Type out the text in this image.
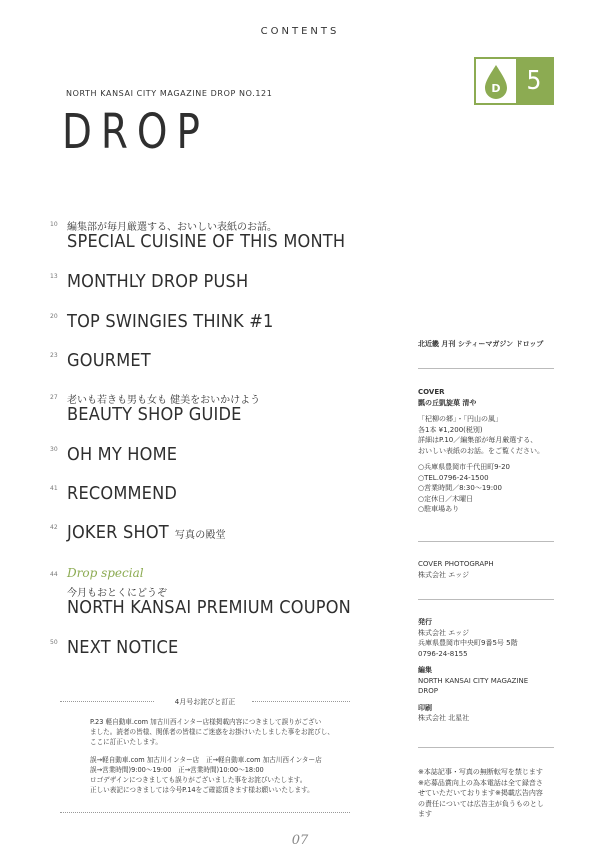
CONTENTS
NORTH KANSAI CITY MAGAZINE DROP NO.121
DROP
D 5
10 編集部が毎月厳選する、おいしい表紙のお話。
SPECIAL CUISINE OF THIS MONTH
13 MONTHLY DROP PUSH
20 TOP SWINGIES THINK #1
23 GOURMET
27 老いも若きも男も女も 健美をおいかけよう
BEAUTY SHOP GUIDE
30 OH MY HOME
41 RECOMMEND
42 JOKER SHOT 写真の殿堂
44 Drop special
今月もおとくにどうぞ
NORTH KANSAI PREMIUM COUPON
50 NEXT NOTICE
4月号お詫びと訂正
P.23 軽自動車.com 加古川西インター店様掲載内容につきまして誤りがござい
ました。読者の皆様、関係者の皆様にご迷惑をお掛けいたしました事をお詫びし、
ここに訂正いたします。
誤→軽自動車.com 加古川インター店　正→軽自動車.com 加古川西インター店
誤→営業時間)9:00〜19:00　正→営業時間)10:00〜18:00
ロゴデザインにつきましても誤りがございました事をお詫びいたします。
正しい表記につきましては今号P.14をご確認頂きます様お願いいたします。
北近畿 月刊 シティーマガジン ドロップ
COVER
瓢の丘凱旋菓 清や
「杞柳の郷」・「円山の風」
各1本 ¥1,200(税別)
詳細はP.10／編集部が毎月厳選する、
おいしい表紙のお話。をご覧ください。
○兵庫県豊岡市千代田町9-20
○TEL.0796-24-1500
○営業時間／8:30〜19:00
○定休日／木曜日
○駐車場あり
COVER PHOTOGRAPH
株式会社 エッジ
発行
株式会社 エッジ
兵庫県豊岡市中央町9番5号 5階
0796-24-8155
編集
NORTH KANSAI CITY MAGAZINE
DROP
印刷
株式会社 北星社
※本誌記事・写真の無断転写を禁じます
※応募品賞向上の為本電話は全て録音さ
せていただいております※掲載広告内容
の責任については広告主が負うものとし
ます
07
